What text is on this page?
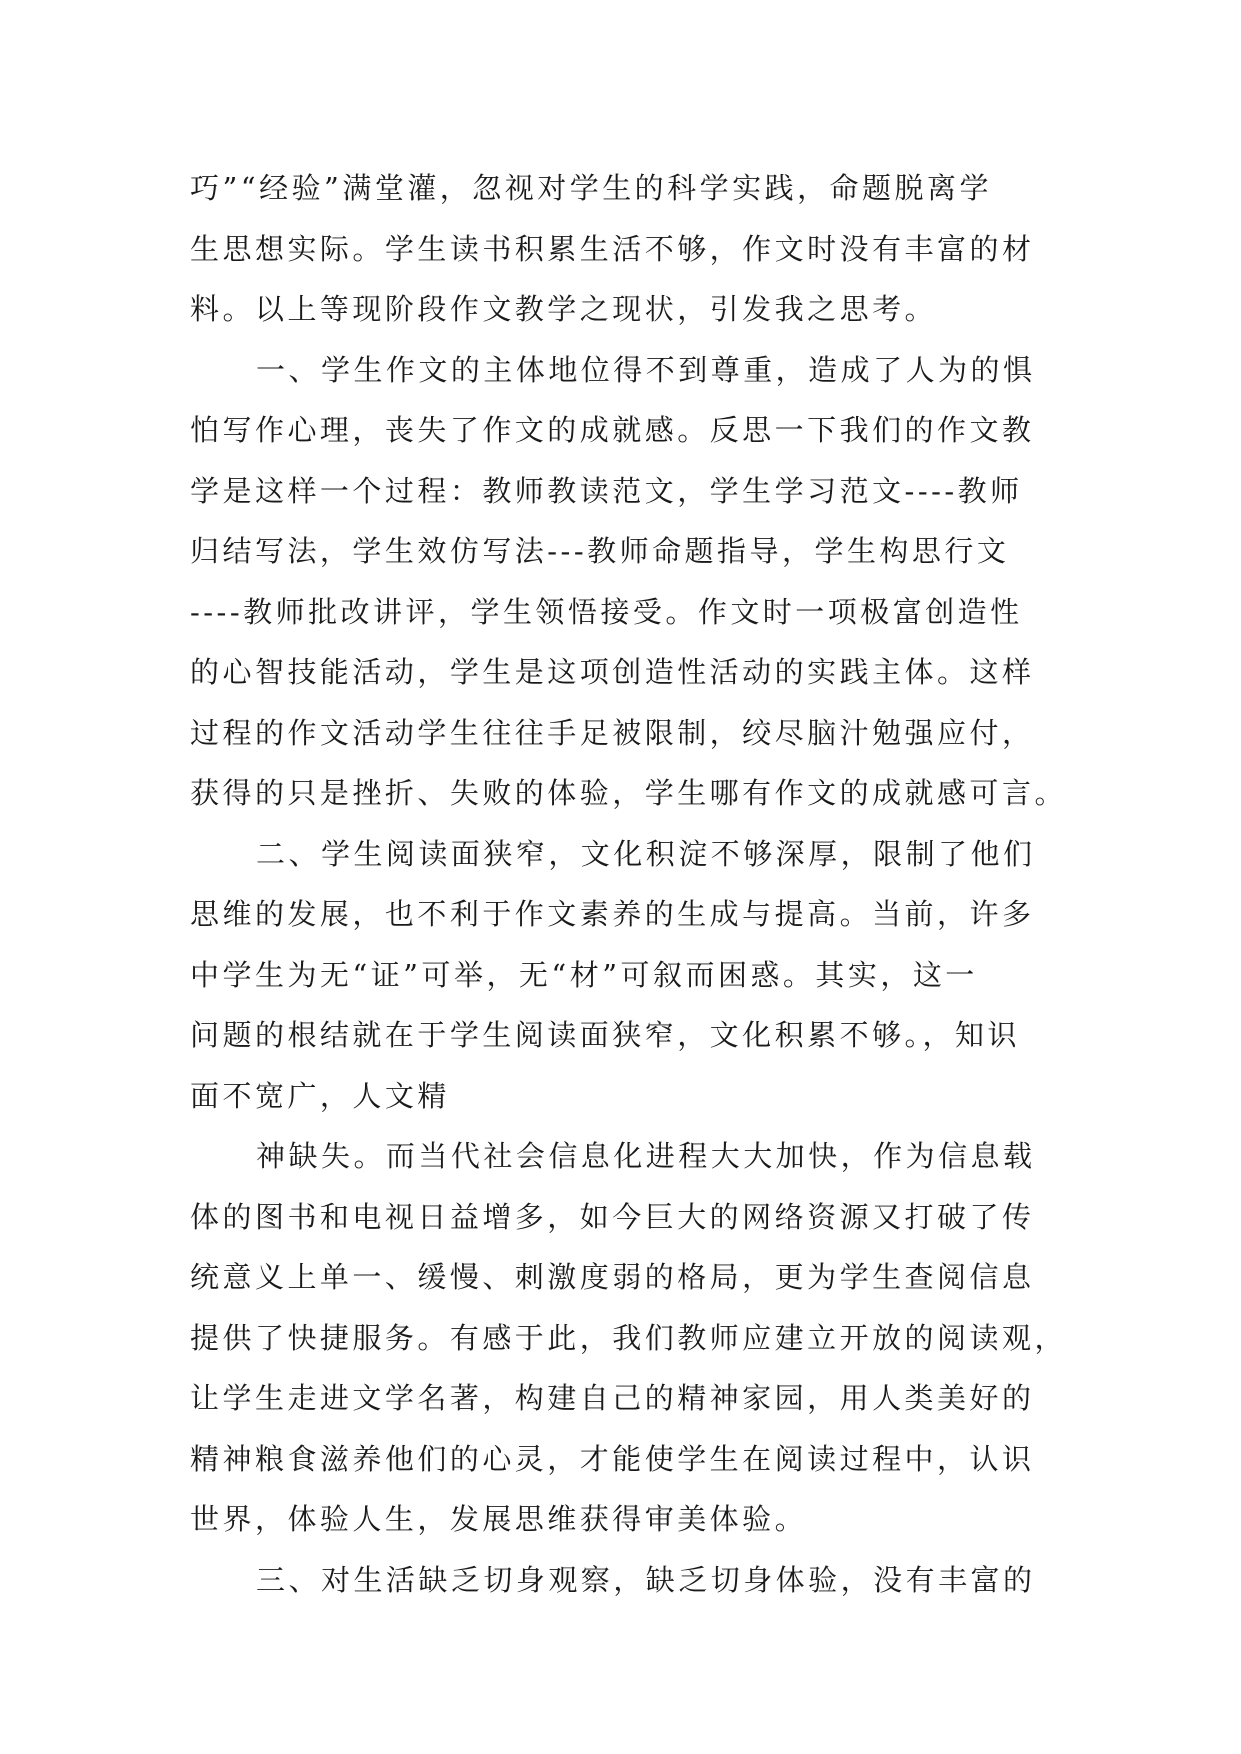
巧”“经验”满堂灌，忽视对学生的科学实践，命题脱离学
生思想实际。学生读书积累生活不够，作文时没有丰富的材
料。以上等现阶段作文教学之现状，引发我之思考。
一、学生作文的主体地位得不到尊重，造成了人为的惧
怕写作心理，丧失了作文的成就感。反思一下我们的作文教
学是这样一个过程：教师教读范文，学生学习范文----教师
归结写法，学生效仿写法---教师命题指导，学生构思行文
----教师批改讲评，学生领悟接受。作文时一项极富创造性
的心智技能活动，学生是这项创造性活动的实践主体。这样
过程的作文活动学生往往手足被限制，绞尽脑汁勉强应付，
获得的只是挫折、失败的体验，学生哪有作文的成就感可言。
二、学生阅读面狭窄，文化积淀不够深厚，限制了他们
思维的发展，也不利于作文素养的生成与提高。当前，许多
中学生为无“证”可举，无“材”可叙而困惑。其实，这一
问题的根结就在于学生阅读面狭窄，文化积累不够。，知识
面不宽广，人文精
神缺失。而当代社会信息化进程大大加快，作为信息载
体的图书和电视日益增多，如今巨大的网络资源又打破了传
统意义上单一、缓慢、刺激度弱的格局，更为学生查阅信息
提供了快捷服务。有感于此，我们教师应建立开放的阅读观，
让学生走进文学名著，构建自己的精神家园，用人类美好的
精神粮食滋养他们的心灵，才能使学生在阅读过程中，认识
世界，体验人生，发展思维获得审美体验。
三、对生活缺乏切身观察，缺乏切身体验，没有丰富的
